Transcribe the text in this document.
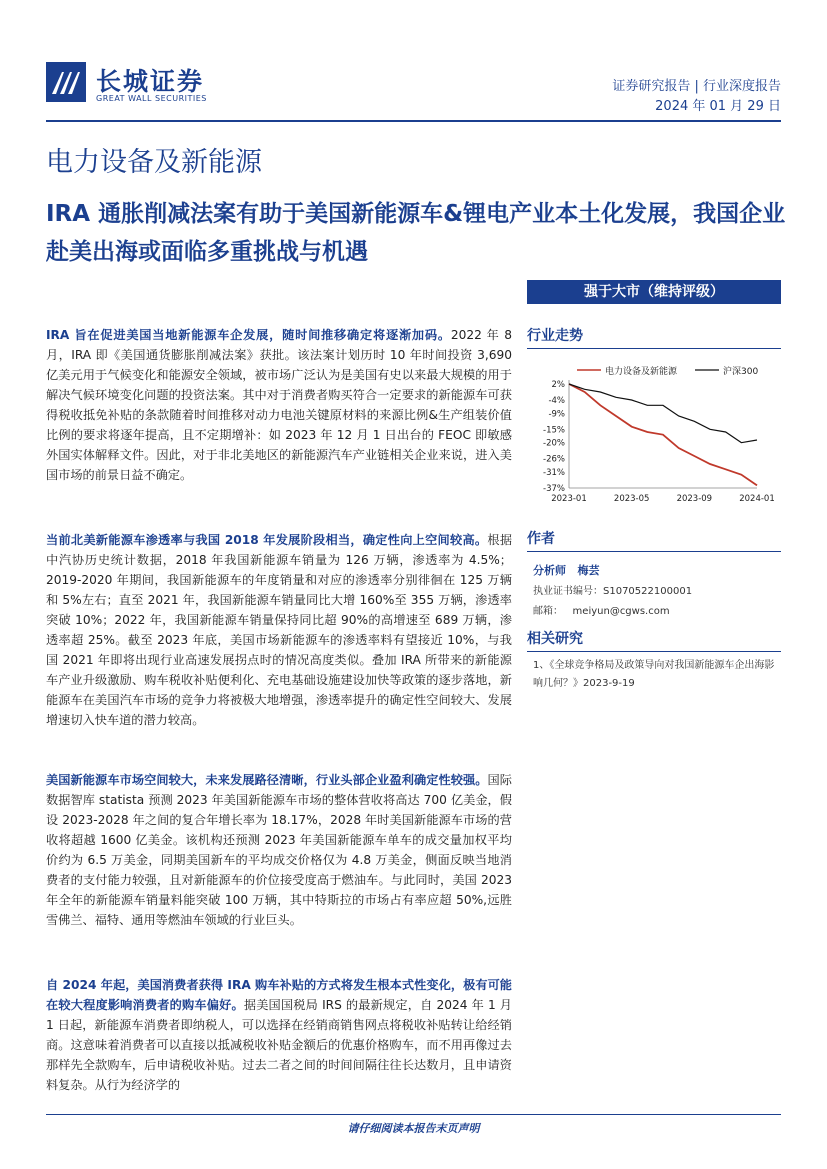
长城证券
GREAT WALL SECURITIES
证券研究报告 | 行业深度报告
2024 年 01 月 29 日
电力设备及新能源
IRA 通胀削减法案有助于美国新能源车&锂电产业本土化发展，我国企业赴美出海或面临多重挑战与机遇
强于大市（维持评级）
IRA 旨在促进美国当地新能源车企发展，随时间推移确定将逐渐加码。2022 年 8 月，IRA 即《美国通货膨胀削减法案》获批。该法案计划历时 10 年时间投资 3,690 亿美元用于气候变化和能源安全领域，被市场广泛认为是美国有史以来最大规模的用于解决气候环境变化问题的投资法案。其中对于消费者购买符合一定要求的新能源车可获得税收抵免补贴的条款随着时间推移对动力电池关键原材料的来源比例&生产组装价值比例的要求将逐年提高，且不定期增补：如 2023 年 12 月 1 日出台的 FEOC 即敏感外国实体解释文件。因此，对于非北美地区的新能源汽车产业链相关企业来说，进入美国市场的前景日益不确定。
当前北美新能源车渗透率与我国 2018 年发展阶段相当，确定性向上空间较高。根据中汽协历史统计数据，2018 年我国新能源车销量为 126 万辆，渗透率为 4.5%；2019-2020 年期间，我国新能源车的年度销量和对应的渗透率分别徘徊在 125 万辆和 5%左右；直至 2021 年，我国新能源车销量同比大增 160%至 355 万辆，渗透率突破 10%；2022 年，我国新能源车销量保持同比超 90%的高增速至 689 万辆，渗透率超 25%。截至 2023 年底，美国市场新能源车的渗透率料有望接近 10%，与我国 2021 年即将出现行业高速发展拐点时的情况高度类似。叠加 IRA 所带来的新能源车产业升级激励、购车税收补贴便利化、充电基础设施建设加快等政策的逐步落地，新能源车在美国汽车市场的竞争力将被极大地增强，渗透率提升的确定性空间较大、发展增速切入快车道的潜力较高。
美国新能源车市场空间较大，未来发展路径清晰，行业头部企业盈利确定性较强。国际数据智库 statista 预测 2023 年美国新能源车市场的整体营收将高达 700 亿美金，假设 2023-2028 年之间的复合年增长率为 18.17%，2028 年时美国新能源车市场的营收将超越 1600 亿美金。该机构还预测 2023 年美国新能源车单车的成交量加权平均价约为 6.5 万美金，同期美国新车的平均成交价格仅为 4.8 万美金，侧面反映当地消费者的支付能力较强，且对新能源车的价位接受度高于燃油车。与此同时，美国 2023 年全年的新能源车销量料能突破 100 万辆，其中特斯拉的市场占有率应超 50%,远胜雪佛兰、福特、通用等燃油车领域的行业巨头。
自 2024 年起，美国消费者获得 IRA 购车补贴的方式将发生根本式性变化，极有可能在较大程度影响消费者的购车偏好。据美国国税局 IRS 的最新规定，自 2024 年 1 月 1 日起，新能源车消费者即纳税人，可以选择在经销商销售网点将税收补贴转让给经销商。这意味着消费者可以直接以抵减税收补贴金额后的优惠价格购车，而不用再像过去那样先全款购车，后申请税收补贴。过去二者之间的时间间隔往往长达数月，且申请资料复杂。从行为经济学的
行业走势
电力设备及新能源	沪深300
2%
-4%
-9%
-15%
-20%
-26%
-31%
-37%
2023-01	2023-05	2023-09	2024-01
作者
分析师 梅芸
执业证书编号：S1070522100001
邮箱： meiyun@cgws.com
相关研究
1、《全球竞争格局及政策导向对我国新能源车企出海影响几何？》2023-9-19
请仔细阅读本报告末页声明
